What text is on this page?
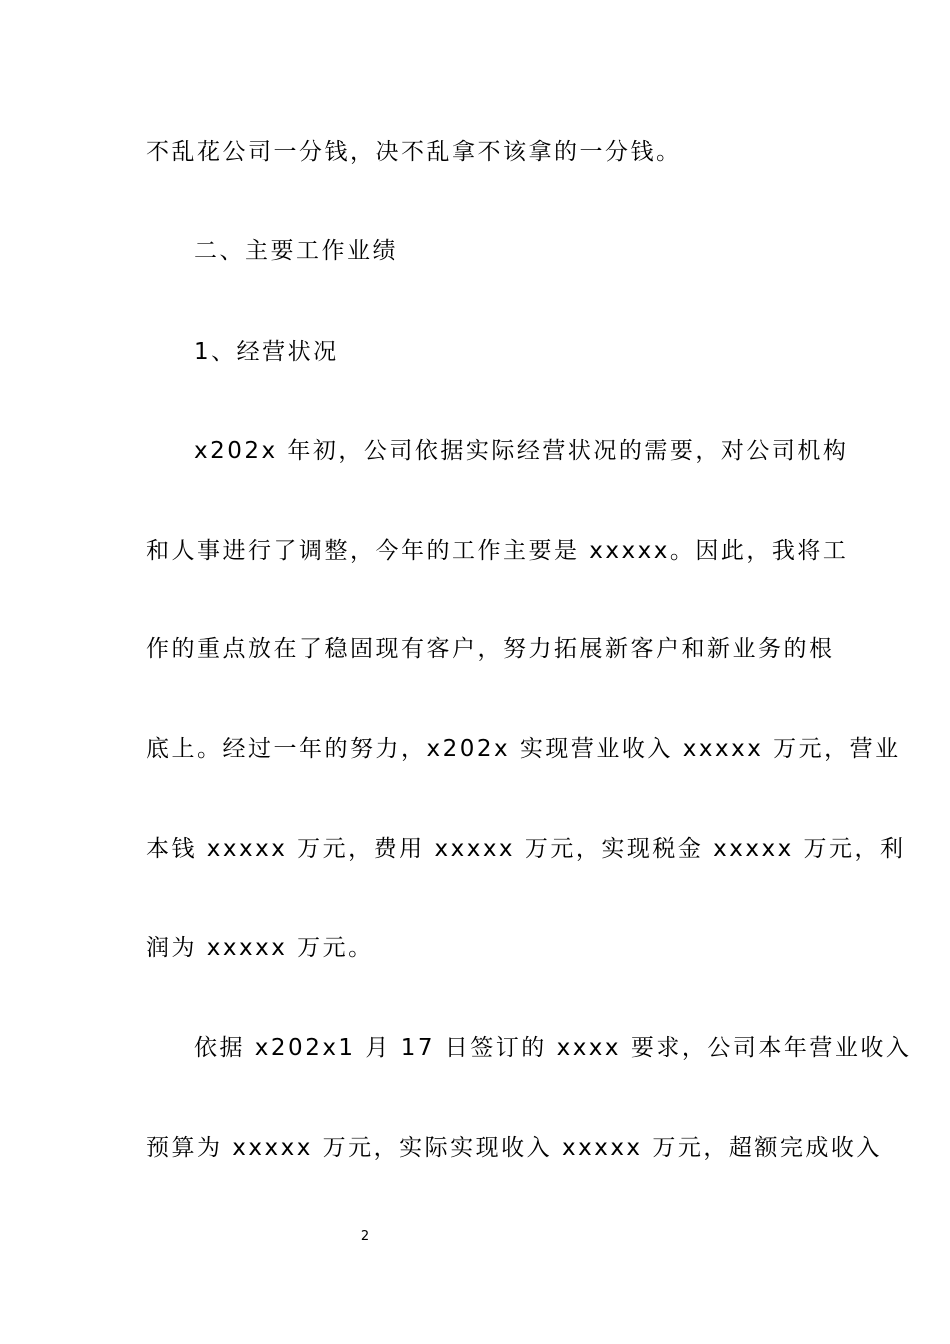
不乱花公司一分钱，决不乱拿不该拿的一分钱。
二、主要工作业绩
1、经营状况
x202x 年初，公司依据实际经营状况的需要，对公司机构
和人事进行了调整，今年的工作主要是 xxxxx。因此，我将工
作的重点放在了稳固现有客户，努力拓展新客户和新业务的根
底上。经过一年的努力，x202x 实现营业收入 xxxxx 万元，营业
本钱 xxxxx 万元，费用 xxxxx 万元，实现税金 xxxxx 万元，利
润为 xxxxx 万元。
依据 x202x1 月 17 日签订的 xxxx 要求，公司本年营业收入
预算为 xxxxx 万元，实际实现收入 xxxxx 万元，超额完成收入
2
